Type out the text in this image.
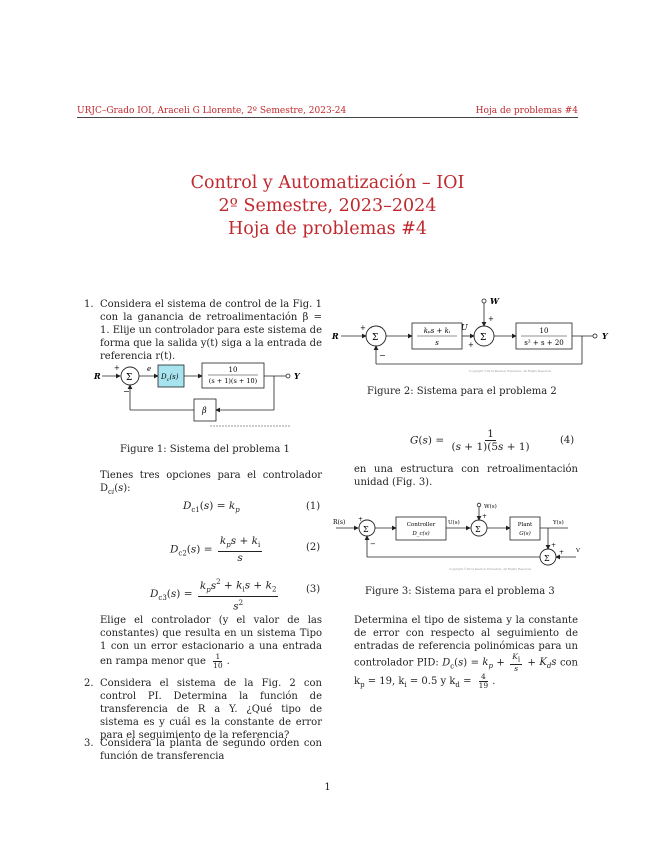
URJC–Grado IOI, Araceli G Llorente, 2º Semestre, 2023-24	Hoja de problemas #4
Control y Automatización – IOI
2º Semestre, 2023–2024
Hoja de problemas #4
1. Considera el sistema de control de la Fig. 1 con la ganancia de retroalimentación β = 1. Elije un controlador para este sistema de forma que la salida y(t) siga a la entrada de referencia r(t).
R
+
Σ
e
$D_c(s)$
10
(s + 1)(s + 10)	Y
β
−
Figure 1: Sistema del problema 1
Tienes tres opciones para el controlador $D_{ci}(s)$:
$D_{c1}(s) = k_p$	(1)
$D_{c2}(s) = \frac{k_ps + k_i}{s}$	(2)
$D_{c3}(s) = \frac{k_ps^2 + k_is + k_2}{s^2}$	(3)
Elige el controlador (y el valor de las constantes) que resulta en un sistema Tipo 1 con un error estacionario a una entrada en rampa menor que $\frac{1}{10}$ .
2. Considera el sistema de la Fig. 2 con control PI. Determina la función de transferencia de R a Y. ¿Qué tipo de sistema es y cuál es la constante de error para el seguimiento de la referencia?
3. Considera la planta de segundo orden con función de transferencia
R
+
Σ
kₚs + kᵢ
s
U
+
Σ
W
+
10
s² + s + 20
Y
−
Copyright ©2014 Pearson Education, All Rights Reserved
Figure 2: Sistema para el problema 2
$G(s) = \frac{1}{(s + 1)(5s + 1)}$	(4)
en una estructura con retroalimentación unidad (Fig. 3).
R(s) +
Σ	Controller
D_c(s)
U(s)
Σ
W(s)
+
Plant
G(s)
Y(s)
+
Σ
V
+
−
Copyright ©2014 Pearson Education, All Rights Reserved
Figure 3: Sistema para el problema 3
Determina el tipo de sistema y la constante de error con respecto al seguimiento de entradas de referencia polinómicas para un controlador PID: $D_c(s) = k_p + \frac{K_i}{s} + K_ds$ con $k_p = 19$, $k_i = 0.5$ y $k_d = \frac{4}{19}$ .
1
